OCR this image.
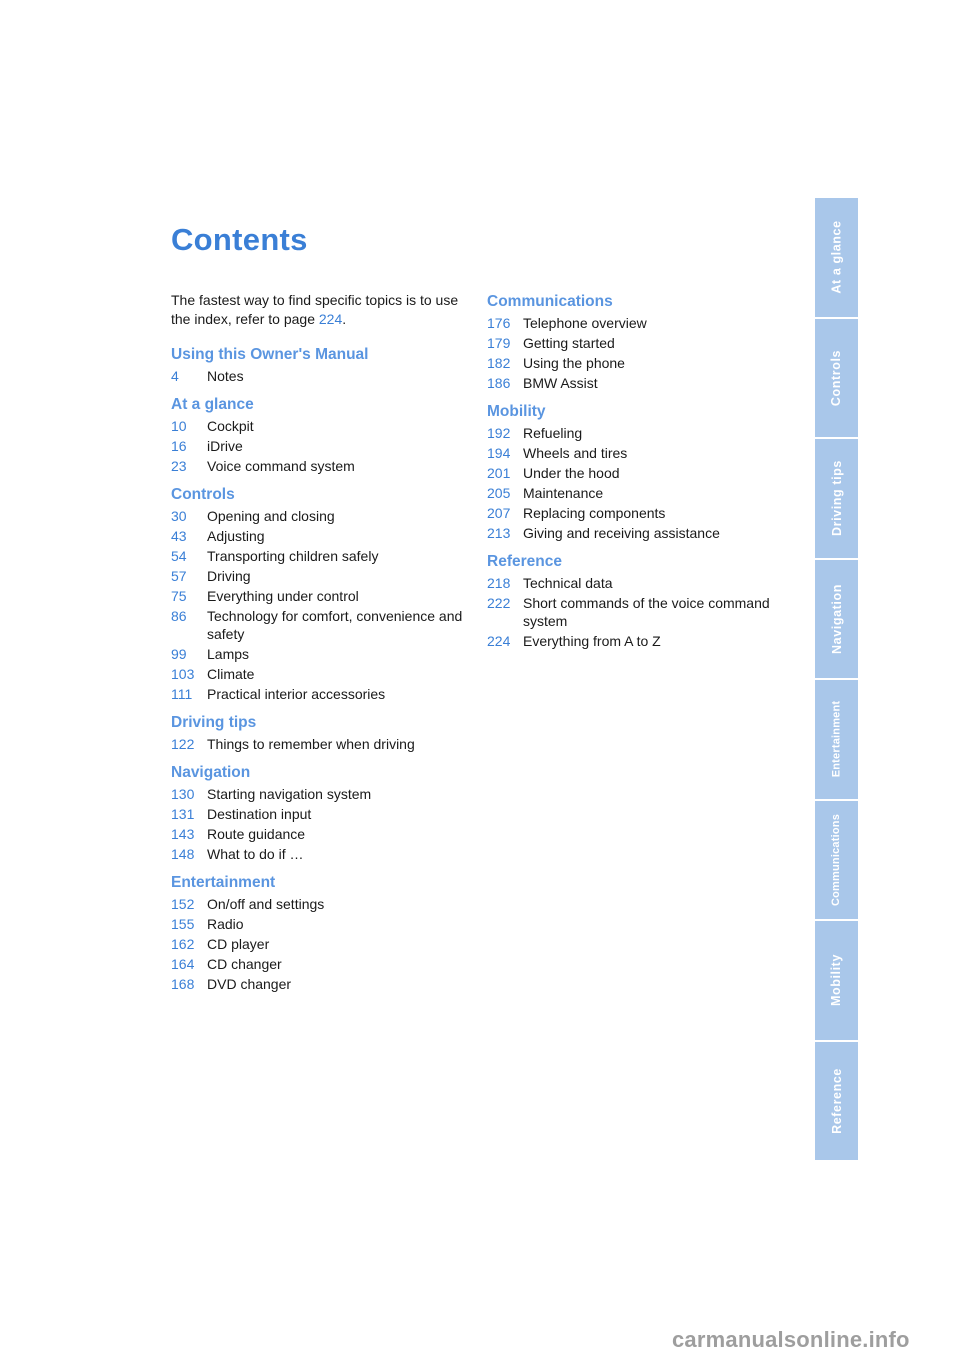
Contents
The fastest way to find specific topics is to use the index, refer to page 224.
Using this Owner's Manual
4	Notes
At a glance
10	Cockpit
16	iDrive
23	Voice command system
Controls
30	Opening and closing
43	Adjusting
54	Transporting children safely
57	Driving
75	Everything under control
86	Technology for comfort, convenience and safety
99	Lamps
103 Climate
111	Practical interior accessories
Driving tips
122 Things to remember when driving
Navigation
130 Starting navigation system
131 Destination input
143 Route guidance
148 What to do if …
Entertainment
152 On/off and settings
155 Radio
162 CD player
164 CD changer
168 DVD changer
Communications
176 Telephone overview
179 Getting started
182 Using the phone
186 BMW Assist
Mobility
192 Refueling
194 Wheels and tires
201 Under the hood
205 Maintenance
207 Replacing components
213 Giving and receiving assistance
Reference
218 Technical data
222 Short commands of the voice command system
224 Everything from A to Z
At a glance
Controls
Driving tips
Navigation
Entertainment
Communications
Mobility
Reference
carmanualsonline.info
